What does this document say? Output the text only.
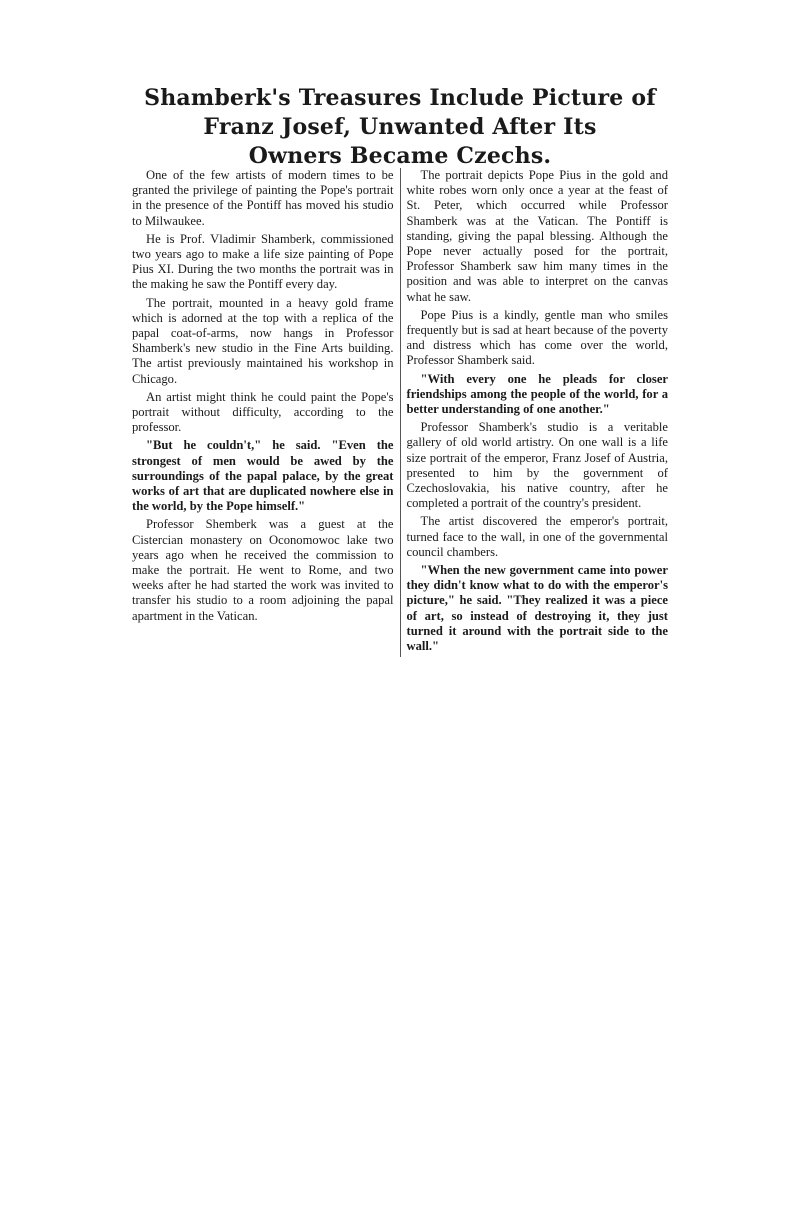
Shamberk's Treasures Include Picture of
Franz Josef, Unwanted After Its
Owners Became Czechs.

One of the few artists of modern times to be granted the privilege of painting the Pope's portrait in the presence of the Pontiff has moved his studio to Milwaukee.

He is Prof. Vladimir Shamberk, commissioned two years ago to make a life size painting of Pope Pius XI. During the two months the portrait was in the making he saw the Pontiff every day.

The portrait, mounted in a heavy gold frame which is adorned at the top with a replica of the papal coat-of-arms, now hangs in Professor Shamberk's new studio in the Fine Arts building. The artist previously maintained his workshop in Chicago.

An artist might think he could paint the Pope's portrait without difficulty, according to the professor.

"But he couldn't," he said. "Even the strongest of men would be awed by the surroundings of the papal palace, by the great works of art that are duplicated nowhere else in the world, by the Pope himself."

Professor Shemberk was a guest at the Cistercian monastery on Oconomowoc lake two years ago when he received the commission to make the portrait. He went to Rome, and two weeks after he had started the work was invited to transfer his studio to a room adjoining the papal apartment in the Vatican.

The portrait depicts Pope Pius in the gold and white robes worn only once a year at the feast of St. Peter, which occurred while Professor Shamberk was at the Vatican. The Pontiff is standing, giving the papal blessing. Although the Pope never actually posed for the portrait, Professor Shamberk saw him many times in the position and was able to interpret on the canvas what he saw.

Pope Pius is a kindly, gentle man who smiles frequently but is sad at heart because of the poverty and distress which has come over the world, Professor Shamberk said.

"With every one he pleads for closer friendships among the people of the world, for a better understanding of one another."

Professor Shamberk's studio is a veritable gallery of old world artistry. On one wall is a life size portrait of the emperor, Franz Josef of Austria, presented to him by the government of Czechoslovakia, his native country, after he completed a portrait of the country's president.

The artist discovered the emperor's portrait, turned face to the wall, in one of the governmental council chambers.

"When the new government came into power they didn't know what to do with the emperor's picture," he said. "They realized it was a piece of art, so instead of destroying it, they just turned it around with the portrait side to the wall."
